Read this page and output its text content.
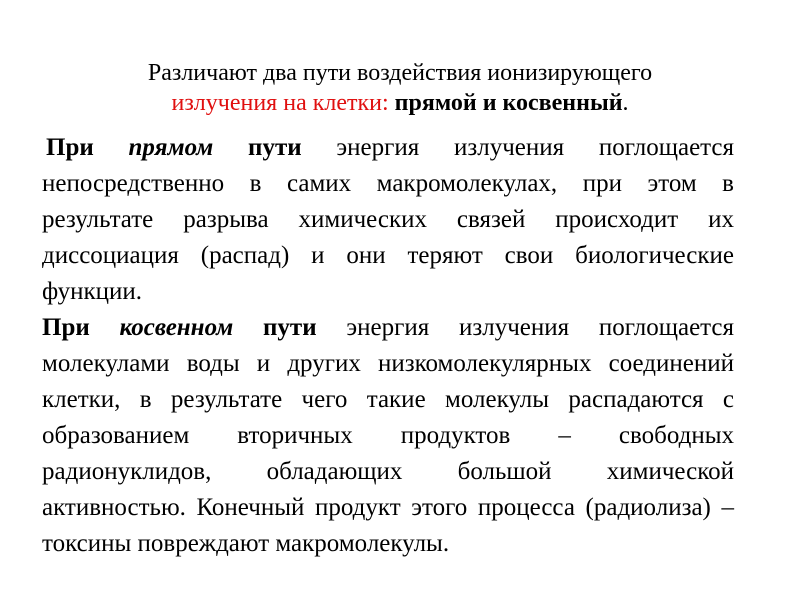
Различают два пути воздействия ионизирующего
излучения на клетки: прямой и косвенный.
При прямом пути энергия излучения поглощается непосредственно в самих макромолекулах, при этом в результате разрыва химических связей происходит их диссоциация (распад) и они теряют свои биологические функции.
При косвенном пути энергия излучения поглощается молекулами воды и других низкомолекулярных соединений клетки, в результате чего такие молекулы распадаются с образованием вторичных продуктов – свободных радионуклидов, обладающих большой химической активностью. Конечный продукт этого процесса (радиолиза) – токсины повреждают макромолекулы.
